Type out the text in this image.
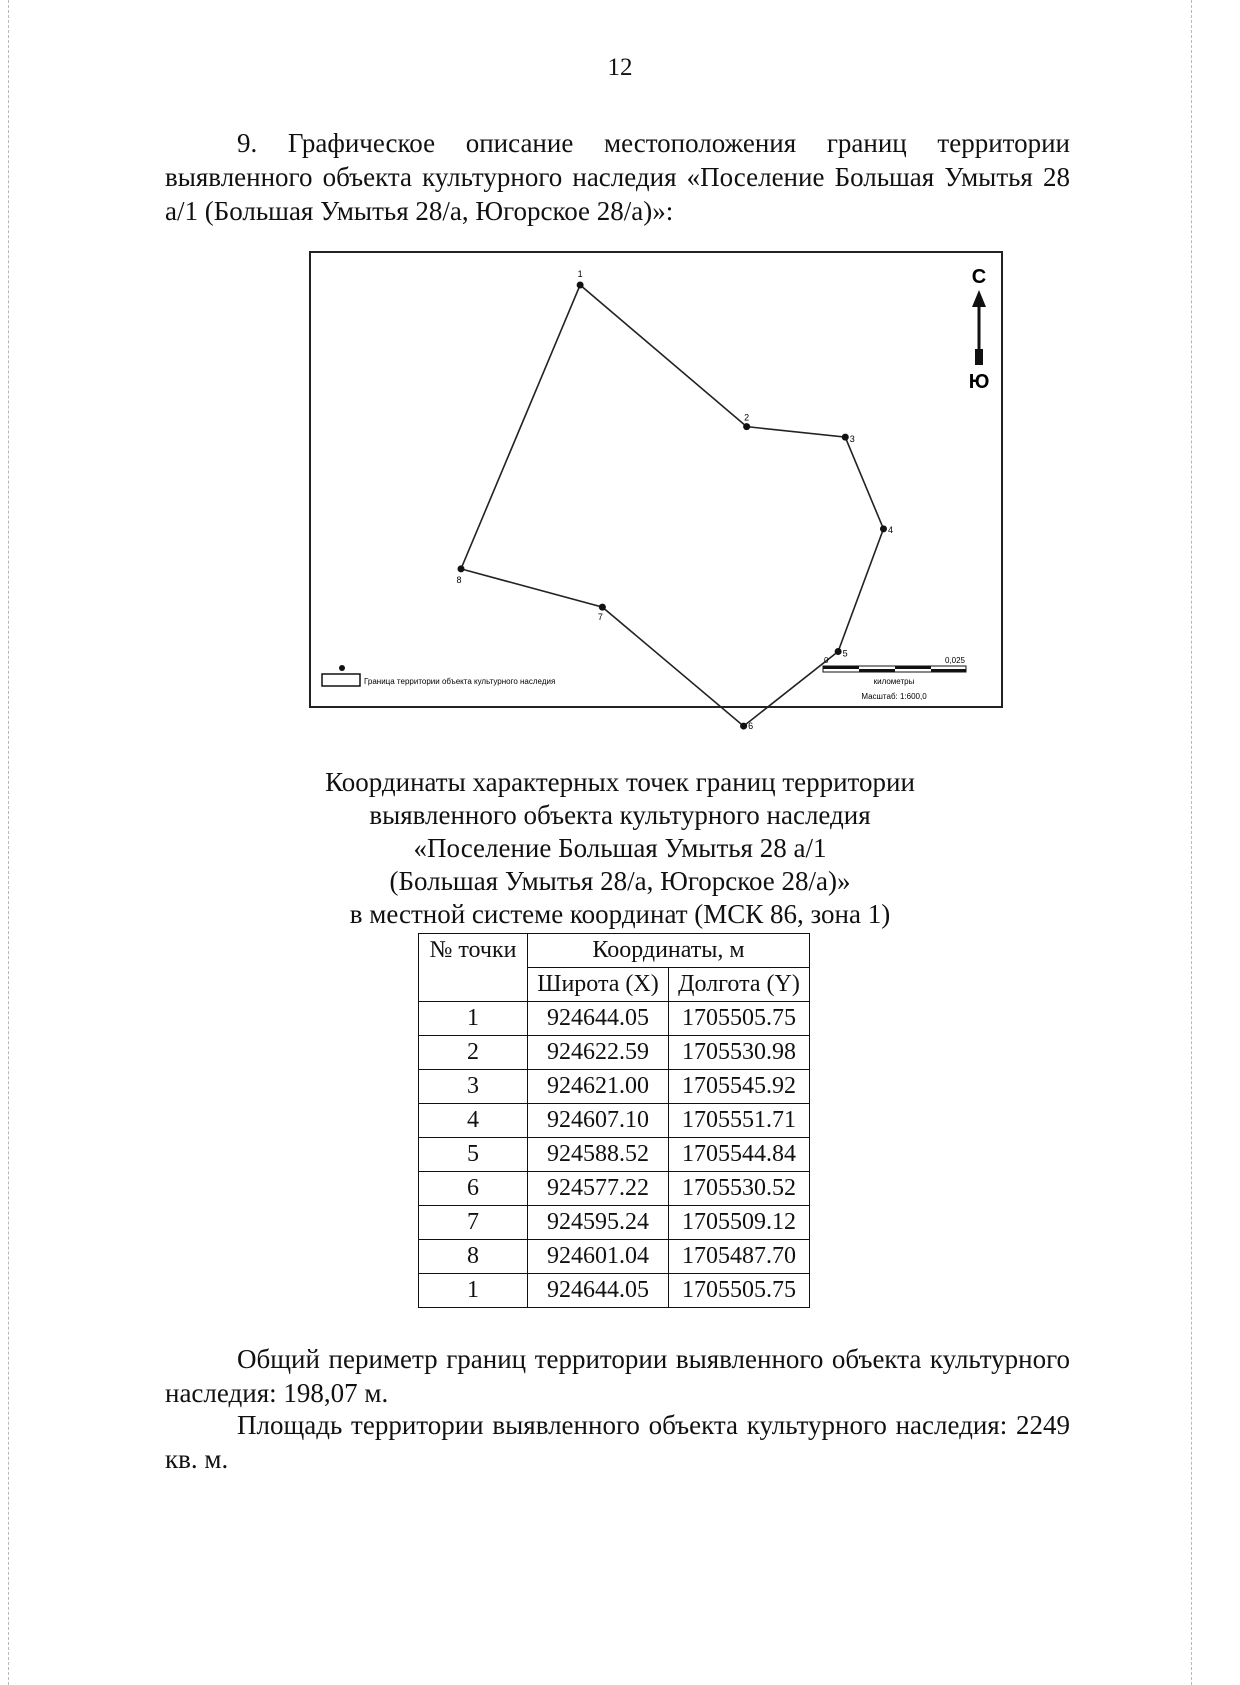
12
9. Графическое описание местоположения границ территории выявленного объекта культурного наследия «Поселение Большая Умытья 28 а/1 (Большая Умытья 28/а, Югорское 28/а)»:
1
2
3
4
5
6
7
8
С
Ю
Граница территории объекта культурного наследия
0	0,025
километры
Масштаб: 1:600,0
Координаты характерных точек границ территории
выявленного объекта культурного наследия
«Поселение Большая Умытья 28 а/1
(Большая Умытья 28/а, Югорское 28/а)»
в местной системе координат (МСК 86, зона 1)
№ точки	Координаты, м	
	Широта (X)	Долгота (Y)
1	924644.05	1705505.75
2	924622.59	1705530.98
3	924621.00	1705545.92
4	924607.10	1705551.71
5	924588.52	1705544.84
6	924577.22	1705530.52
7	924595.24	1705509.12
8	924601.04	1705487.70
1	924644.05	1705505.75
Общий периметр границ территории выявленного объекта культурного наследия: 198,07 м.
Площадь территории выявленного объекта культурного наследия: 2249 кв. м.
